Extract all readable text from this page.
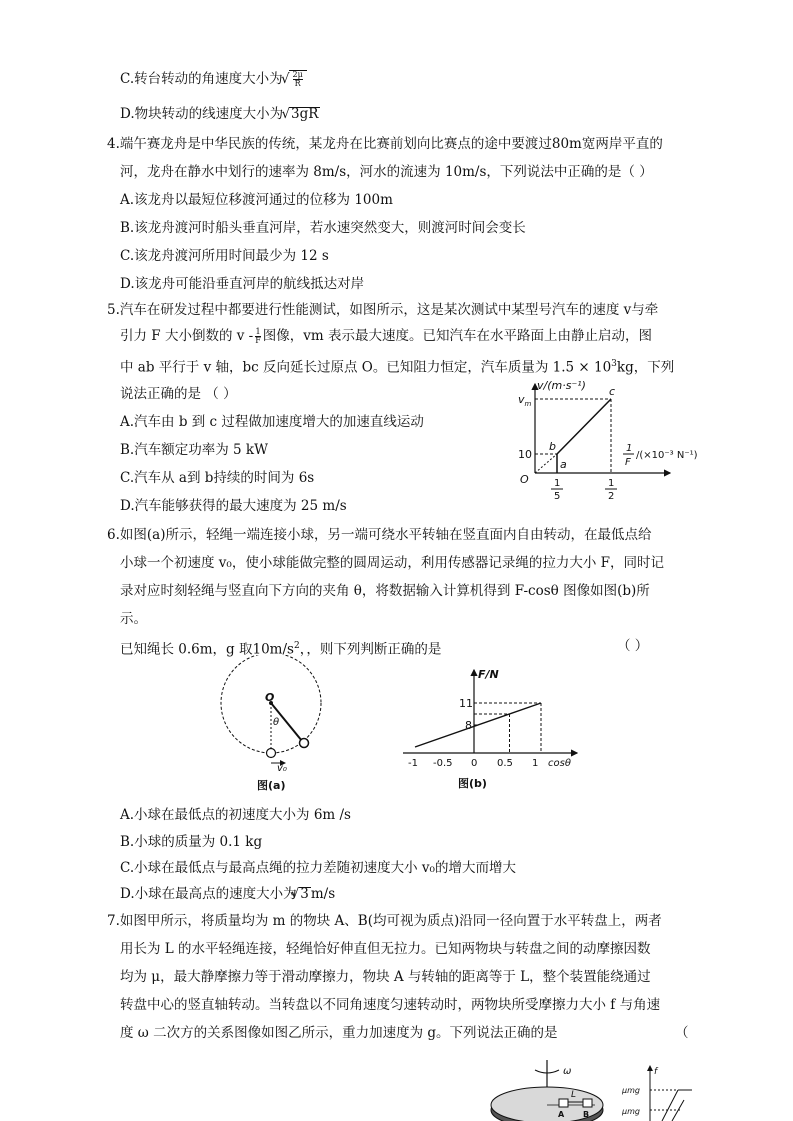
C.转台转动的角速度大小为 √ $\frac{2\mu}{R}$
D.物块转动的线速度大小为 √ 3gR
4.端午赛龙舟是中华民族的传统，某龙舟在比赛前划向比赛点的途中要渡过80m宽两岸平直的
河，龙舟在静水中划行的速率为 8m/s，河水的流速为 10m/s，下列说法中正确的是（ ）
A.该龙舟以最短位移渡河通过的位移为 100m
B.该龙舟渡河时船头垂直河岸，若水速突然变大，则渡河时间会变长
C.该龙舟渡河所用时间最少为 12 s
D.该龙舟可能沿垂直河岸的航线抵达对岸
5.汽车在研发过程中都要进行性能测试，如图所示，这是某次测试中某型号汽车的速度 v与牵
引力 F 大小倒数的 v - $\frac{1}{F}$ 图像，vm 表示最大速度。已知汽车在水平路面上由静止启动，图
中 ab 平行于 v 轴，bc 反向延长过原点 O。已知阻力恒定，汽车质量为 $1.5 \times 10^3kg$，下列
说法正确的是 （ ）
A.汽车由 b 到 c 过程做加速度增大的加速直线运动
B.汽车额定功率为 5 kW
C.汽车从 a到 b持续的时间为 6s
D.汽车能够获得的最大速度为 25 m/s
v/(m·s⁻¹)
$v_m$
c
b
a
O
10
1
5
1
2
1
F
/(×10⁻³ N⁻¹)
6.如图(a)所示，轻绳一端连接小球，另一端可绕水平转轴在竖直面内自由转动，在最低点给
小球一个初速度 v₀，使小球能做完整的圆周运动，利用传感器记录绳的拉力大小 F，同时记
录对应时刻轻绳与竖直向下方向的夹角 θ，将数据输入计算机得到 F-cosθ 图像如图(b)所
示。
已知绳长 0.6m，g 取$10m/s^2$，，则下列判断正确的是	（ ）
O
θ
v₀
图(a)
F/N
11
8
-1 -0.5 0 0.5 1 cosθ
图(b)
A.小球在最低点的初速度大小为 6m /s
B.小球的质量为 0.1 kg
C.小球在最低点与最高点绳的拉力差随初速度大小 v₀的增大而增大
D.小球在最高点的速度大小为 √ 3 m/s
7.如图甲所示，将质量均为 m 的物块 A、B(均可视为质点)沿同一径向置于水平转盘上，两者
用长为 L 的水平轻绳连接，轻绳恰好伸直但无拉力。已知两物块与转盘之间的动摩擦因数
均为 μ，最大静摩擦力等于滑动摩擦力，物块 A 与转轴的距离等于 L，整个装置能绕通过
转盘中心的竖直轴转动。当转盘以不同角速度匀速转动时，两物块所受摩擦力大小 f 与角速
度 ω 二次方的关系图像如图乙所示，重力加速度为 g。下列说法正确的是	（
ω
L
A B
f
μmg
μmg
